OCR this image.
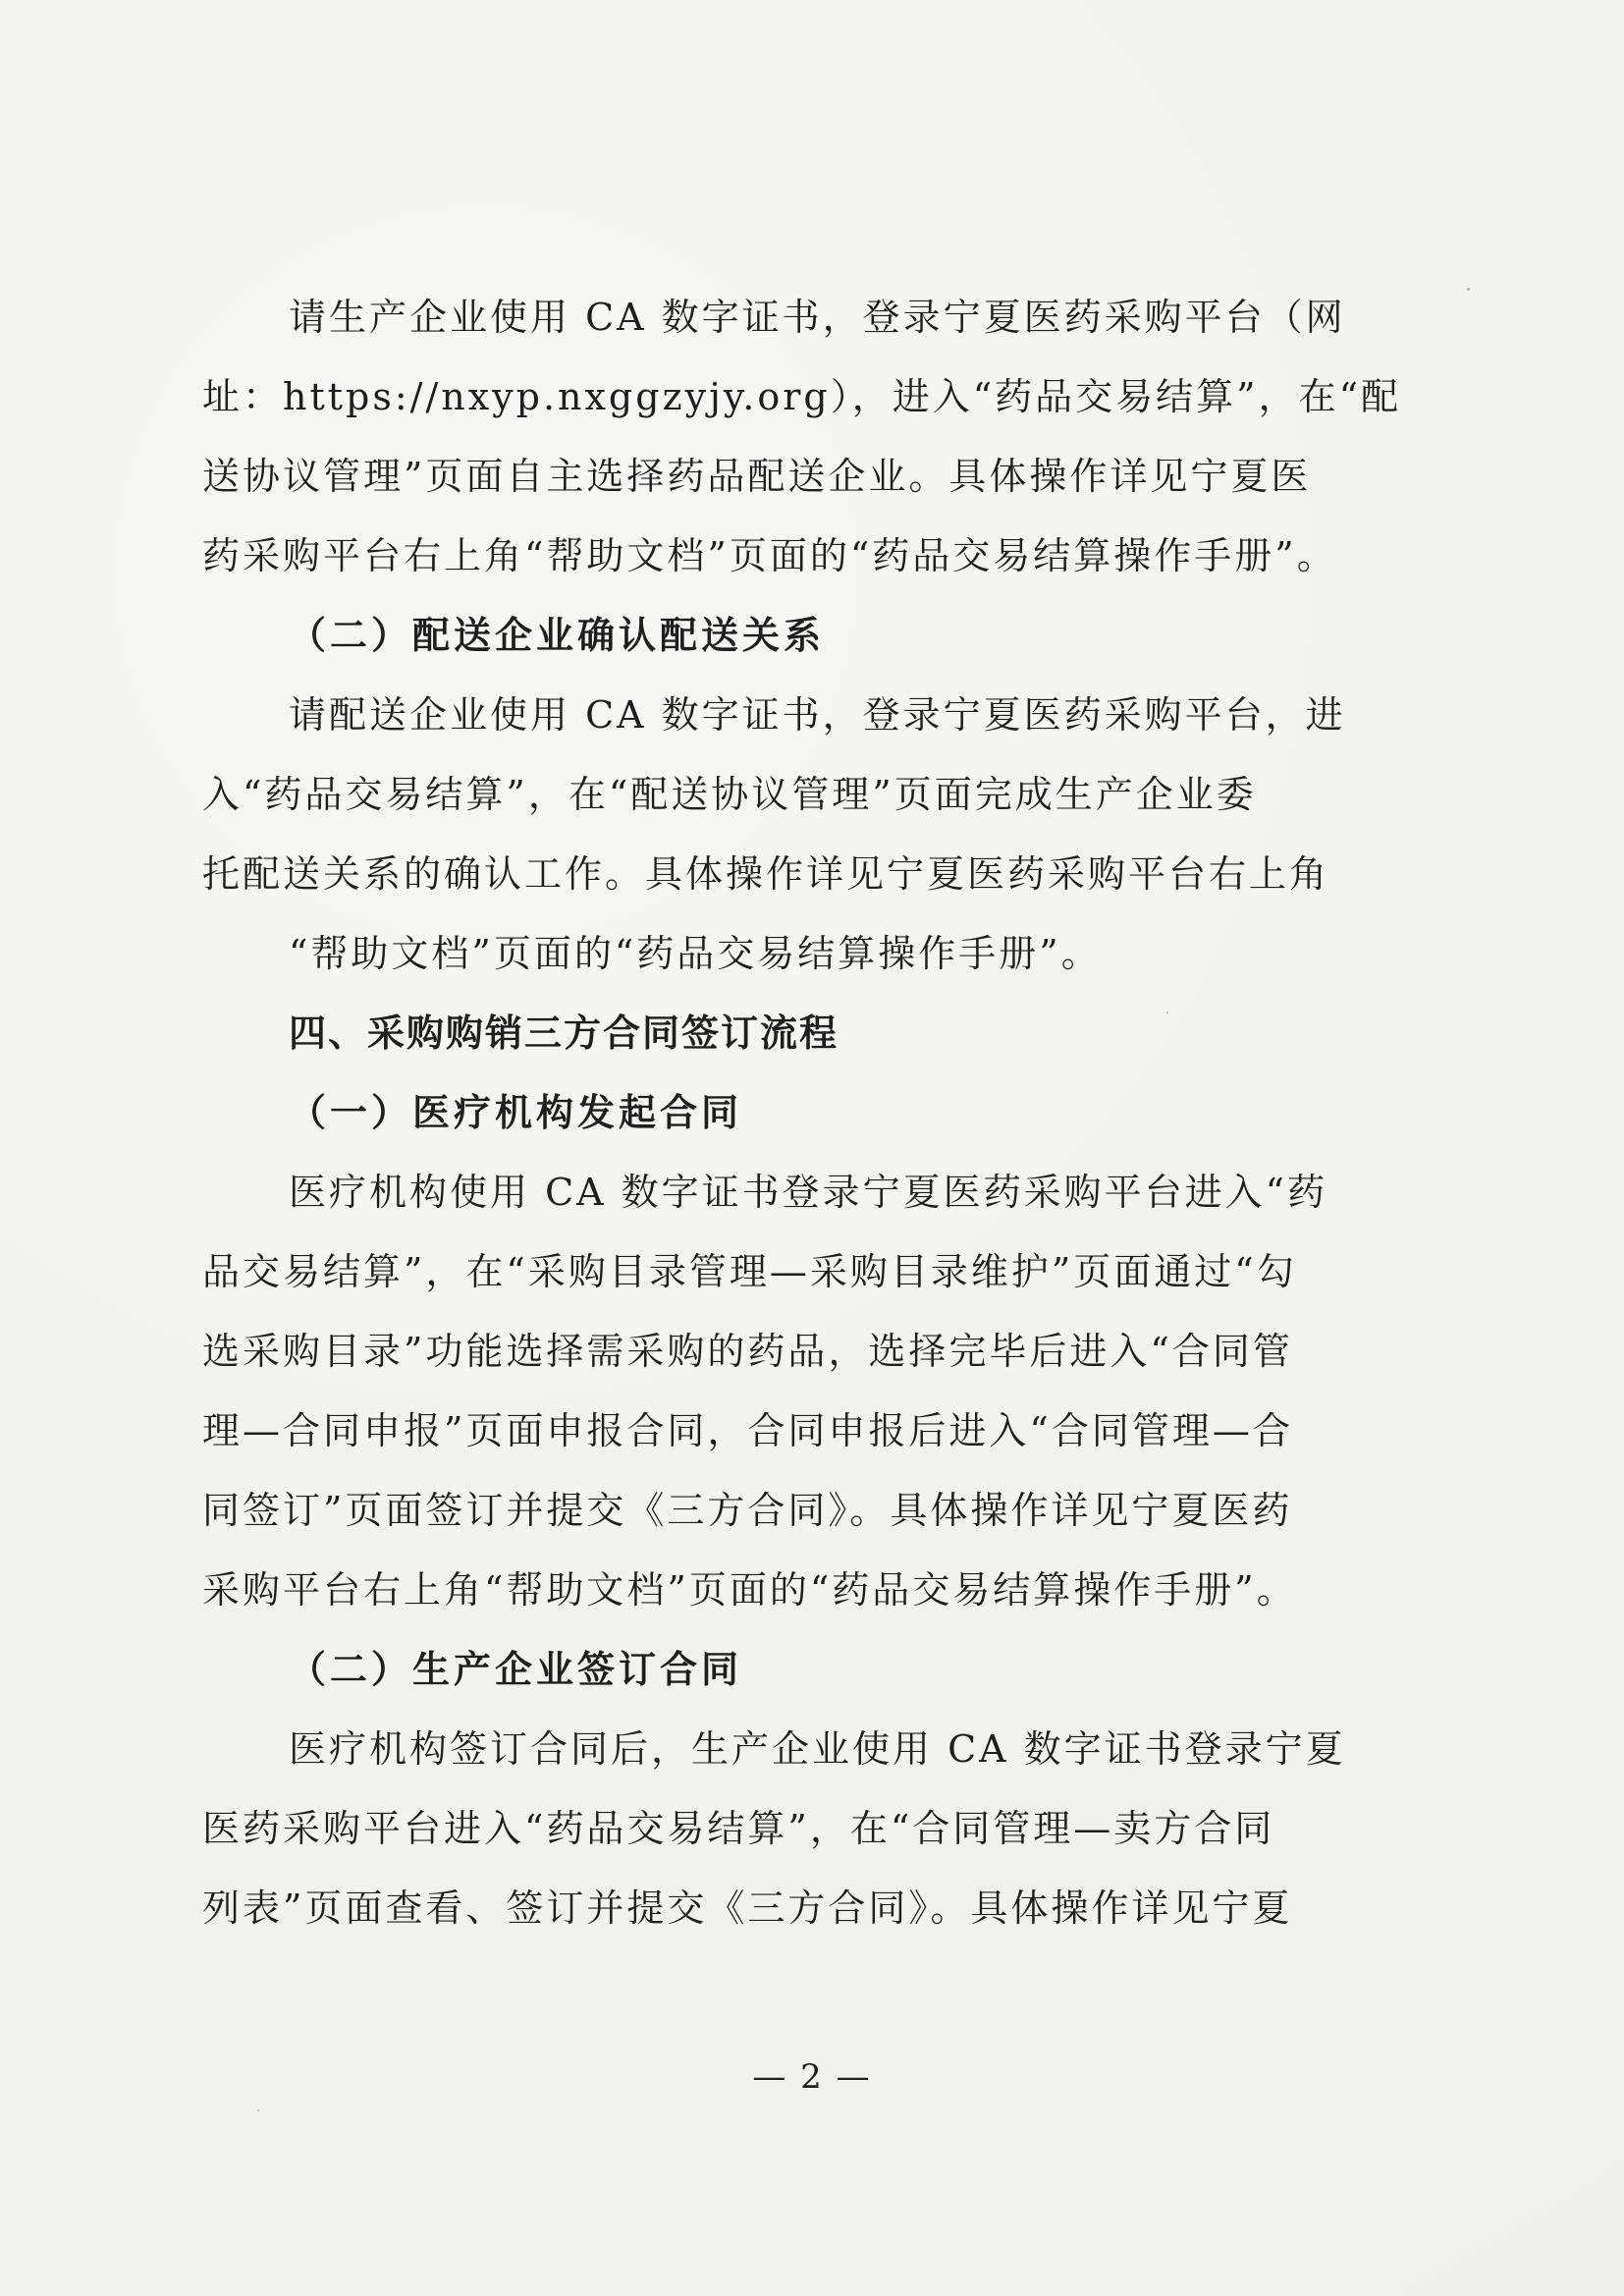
请生产企业使用 CA 数字证书，登录宁夏医药采购平台（网
址：https://nxyp.nxggzyjy.org），进入“药品交易结算”，在“配
送协议管理”页面自主选择药品配送企业。具体操作详见宁夏医
药采购平台右上角“帮助文档”页面的“药品交易结算操作手册”。
（二）配送企业确认配送关系
请配送企业使用 CA 数字证书，登录宁夏医药采购平台，进
入“药品交易结算”，在“配送协议管理”页面完成生产企业委
托配送关系的确认工作。具体操作详见宁夏医药采购平台右上角
“帮助文档”页面的“药品交易结算操作手册”。
四、采购购销三方合同签订流程
（一）医疗机构发起合同
医疗机构使用 CA 数字证书登录宁夏医药采购平台进入“药
品交易结算”，在“采购目录管理—采购目录维护”页面通过“勾
选采购目录”功能选择需采购的药品，选择完毕后进入“合同管
理—合同申报”页面申报合同，合同申报后进入“合同管理—合
同签订”页面签订并提交《三方合同》。具体操作详见宁夏医药
采购平台右上角“帮助文档”页面的“药品交易结算操作手册”。
（二）生产企业签订合同
医疗机构签订合同后，生产企业使用 CA 数字证书登录宁夏
医药采购平台进入“药品交易结算”，在“合同管理—卖方合同
列表”页面查看、签订并提交《三方合同》。具体操作详见宁夏
— 2 —
